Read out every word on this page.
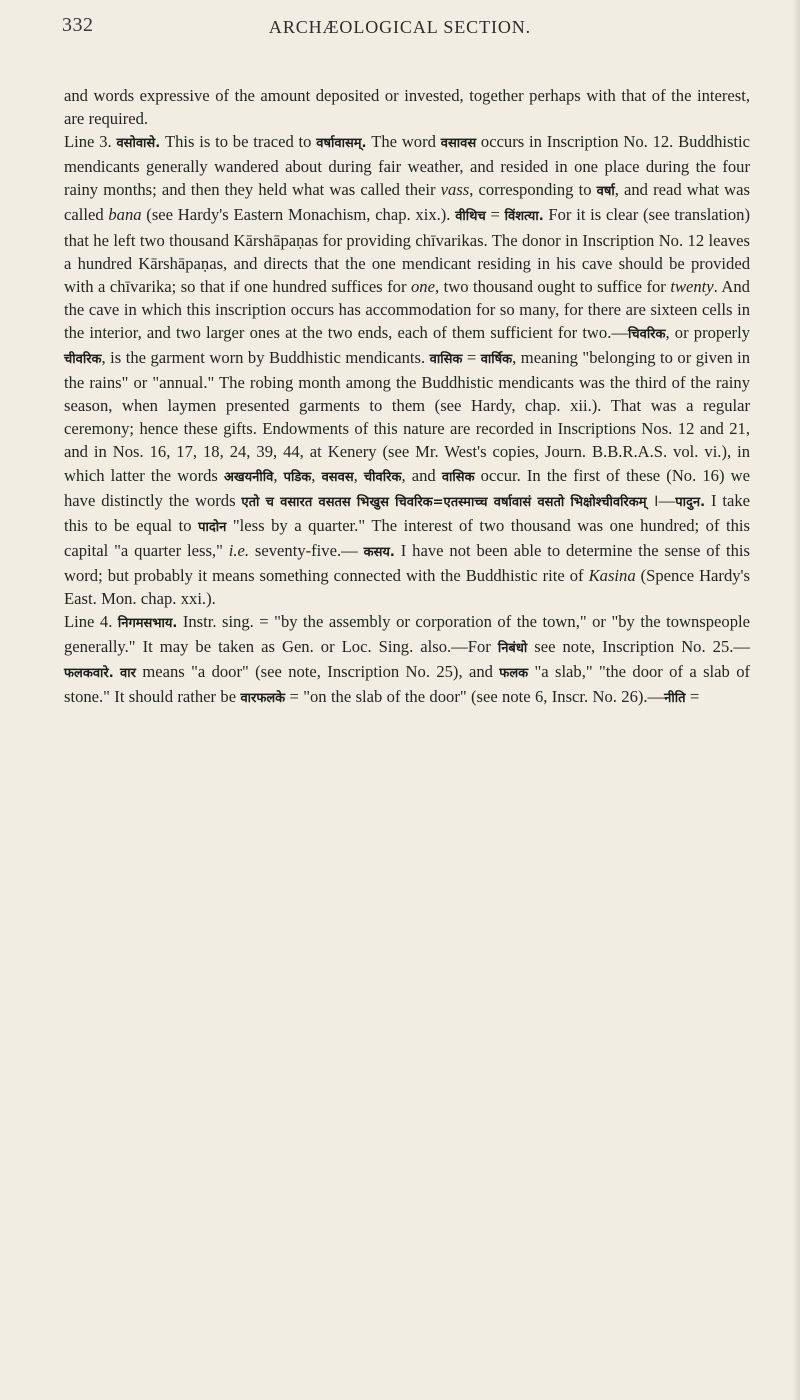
332	ARCHÆOLOGICAL SECTION.

and words expressive of the amount deposited or invested, together perhaps with that of the interest, are required.

Line 3. वसोवासे. This is to be traced to वर्षावासम्. The word वसावस occurs in Inscription No. 12. Buddhistic mendicants generally wandered about during fair weather, and resided in one place during the four rainy months; and then they held what was called their vass, corresponding to वर्षा, and read what was called bana (see Hardy's Eastern Monachism, chap. xix.). वीथिच = विंशत्या. For it is clear (see translation) that he left two thousand Kārshāpaṇas for providing chīvarikas. The donor in Inscription No. 12 leaves a hundred Kārshāpaṇas, and directs that the one mendicant residing in his cave should be provided with a chīvarika; so that if one hundred suffices for one, two thousand ought to suffice for twenty. And the cave in which this inscription occurs has accommodation for so many, for there are sixteen cells in the interior, and two larger ones at the two ends, each of them sufficient for two.—चिवरिक, or properly चीवरिक, is the garment worn by Buddhistic mendicants. वासिक = वार्षिक, meaning "belonging to or given in the rains" or "annual." The robing month among the Buddhistic mendicants was the third of the rainy season, when laymen presented garments to them (see Hardy, chap. xii.). That was a regular ceremony; hence these gifts. Endowments of this nature are recorded in Inscriptions Nos. 12 and 21, and in Nos. 16, 17, 18, 24, 39, 44, at Kenery (see Mr. West's copies, Journ. B.B.R.A.S. vol. vi.), in which latter the words अखयनीवि, पडिक, वसवस, चीवरिक, and वासिक occur. In the first of these (No. 16) we have distinctly the words एतो च वसारत वसतस भिखुस चिवरिक=एतस्माच्च वर्षावासं वसतो भिक्षोश्चीवरिकम् ।—पादुन. I take this to be equal to पादोन "less by a quarter." The interest of two thousand was one hundred; of this capital "a quarter less," i.e. seventy-five.— कसय. I have not been able to determine the sense of this word; but probably it means something connected with the Buddhistic rite of Kasina (Spence Hardy's East. Mon. chap. xxi.).

Line 4. निगमसभाय. Instr. sing. = "by the assembly or corporation of the town," or "by the townspeople generally." It may be taken as Gen. or Loc. Sing. also.—For निबंधो see note, Inscription No. 25.— फलकवारे. वार means "a door" (see note, Inscription No. 25), and फलक "a slab," "the door of a slab of stone." It should rather be वारफलके = "on the slab of the door" (see note 6, Inscr. No. 26).—नीति =
